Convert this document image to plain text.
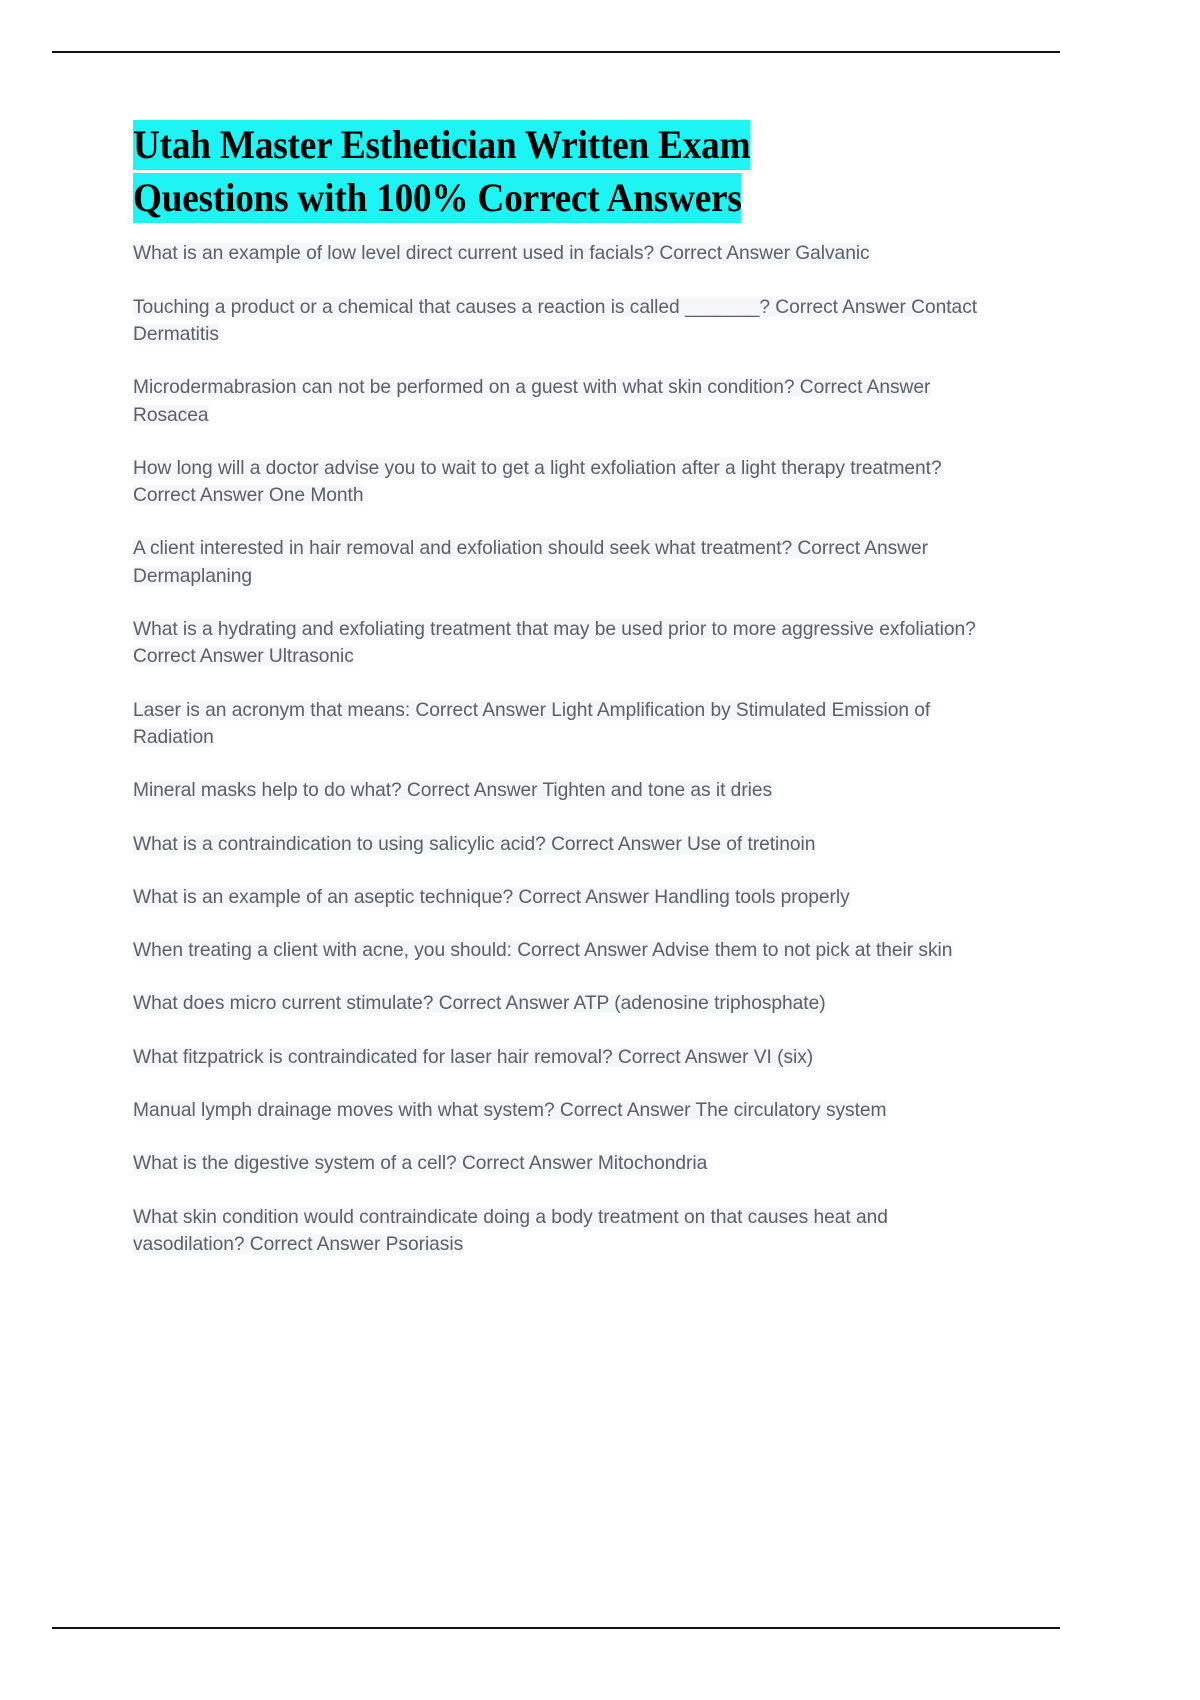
Utah Master Esthetician Written Exam
Questions with 100% Correct Answers

What is an example of low level direct current used in facials? Correct Answer Galvanic

Touching a product or a chemical that causes a reaction is called _______? Correct Answer Contact Dermatitis

Microdermabrasion can not be performed on a guest with what skin condition? Correct Answer Rosacea

How long will a doctor advise you to wait to get a light exfoliation after a light therapy treatment? Correct Answer One Month

A client interested in hair removal and exfoliation should seek what treatment? Correct Answer Dermaplaning

What is a hydrating and exfoliating treatment that may be used prior to more aggressive exfoliation? Correct Answer Ultrasonic

Laser is an acronym that means: Correct Answer Light Amplification by Stimulated Emission of Radiation

Mineral masks help to do what? Correct Answer Tighten and tone as it dries

What is a contraindication to using salicylic acid? Correct Answer Use of tretinoin

What is an example of an aseptic technique? Correct Answer Handling tools properly

When treating a client with acne, you should: Correct Answer Advise them to not pick at their skin

What does micro current stimulate? Correct Answer ATP (adenosine triphosphate)

What fitzpatrick is contraindicated for laser hair removal? Correct Answer VI (six)

Manual lymph drainage moves with what system? Correct Answer The circulatory system

What is the digestive system of a cell? Correct Answer Mitochondria

What skin condition would contraindicate doing a body treatment on that causes heat and vasodilation? Correct Answer Psoriasis
